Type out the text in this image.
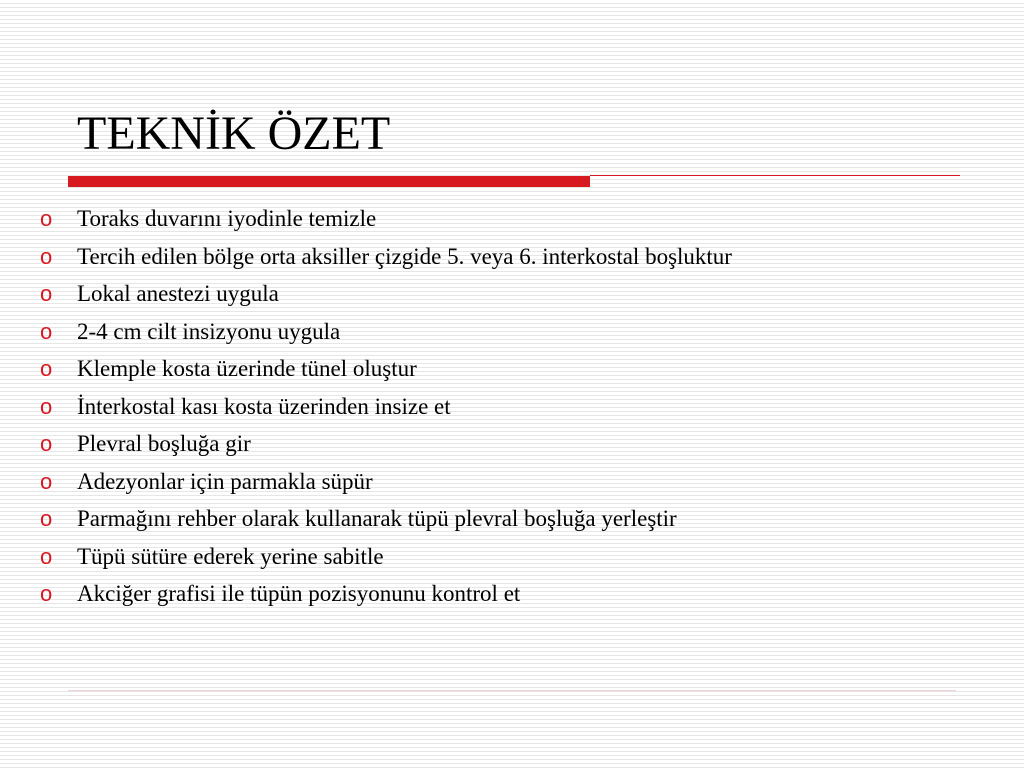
TEKNİK ÖZET
o Toraks duvarını iyodinle temizle
o Tercih edilen bölge orta aksiller çizgide 5. veya 6. interkostal boşluktur
o Lokal anestezi uygula
o 2-4 cm cilt insizyonu uygula
o Klemple kosta üzerinde tünel oluştur
o İnterkostal kası kosta üzerinden insize et
o Plevral boşluğa gir
o Adezyonlar için parmakla süpür
o Parmağını rehber olarak kullanarak tüpü plevral boşluğa yerleştir
o Tüpü sütüre ederek yerine sabitle
o Akciğer grafisi ile tüpün pozisyonunu kontrol et
